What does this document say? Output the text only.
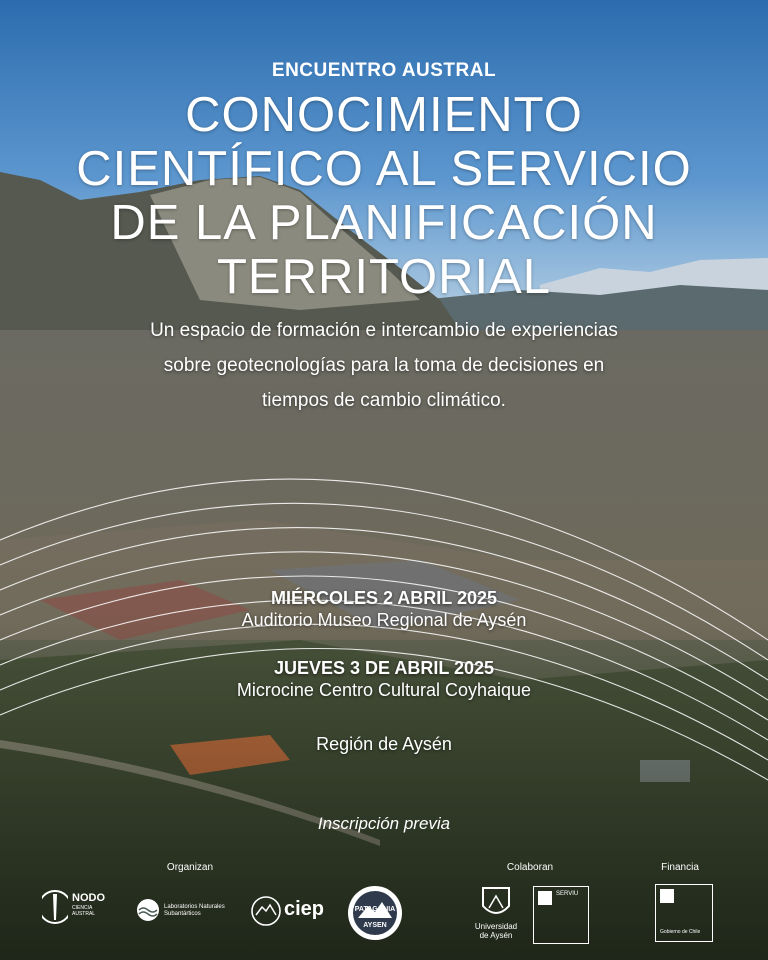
ENCUENTRO AUSTRAL
CONOCIMIENTO
CIENTÍFICO AL SERVICIO
DE LA PLANIFICACIÓN
TERRITORIAL
Un espacio de formación e intercambio de experiencias sobre geotecnologías para la toma de decisiones en tiempos de cambio climático.
MIÉRCOLES 2 ABRIL 2025
Auditorio Museo Regional de Aysén
JUEVES 3 DE ABRIL 2025
Microcine Centro Cultural Coyhaique
Región de Aysén
Inscripción previa
Organizan	Colaboran	Financia
NODO
CIENCIA AUSTRAL
Laboratorios Naturales Subantárticos	ciep	PATAGONIA
AYSEN	Universidad de Aysén
SERVIU
Gobierno de Chile
